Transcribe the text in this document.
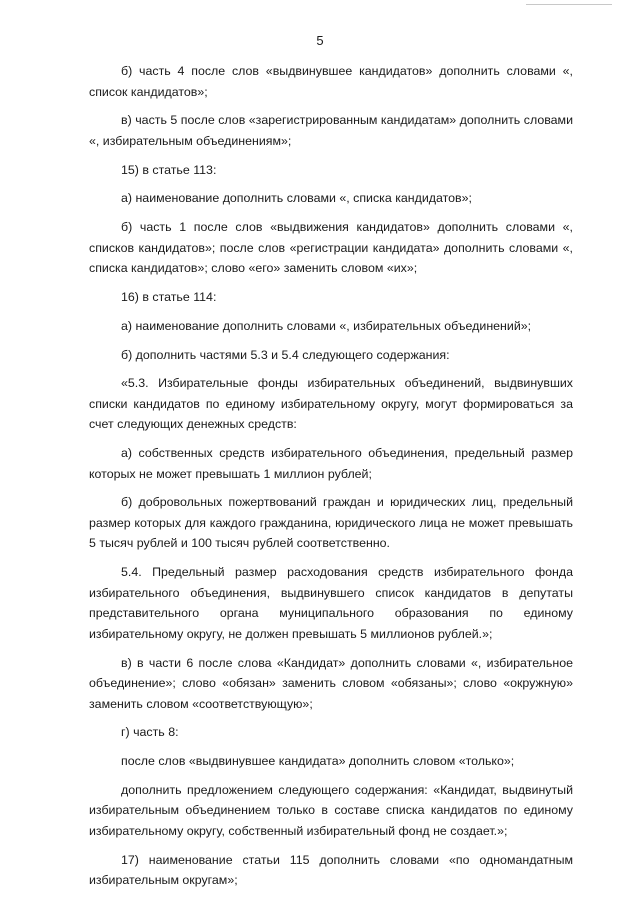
5

б) часть 4 после слов «выдвинувшее кандидатов» дополнить словами «, список кандидатов»;

в) часть 5 после слов «зарегистрированным кандидатам» дополнить словами «, избирательным объединениям»;

15) в статье 113:

а) наименование дополнить словами «, списка кандидатов»;

б) часть 1 после слов «выдвижения кандидатов» дополнить словами «, списков кандидатов»; после слов «регистрации кандидата» дополнить словами «, списка кандидатов»; слово «его» заменить словом «их»;

16) в статье 114:

а) наименование дополнить словами «, избирательных объединений»;

б) дополнить частями 5.3 и 5.4 следующего содержания:

«5.3. Избирательные фонды избирательных объединений, выдвинувших списки кандидатов по единому избирательному округу, могут формироваться за счет следующих денежных средств:

а) собственных средств избирательного объединения, предельный размер которых не может превышать 1 миллион рублей;

б) добровольных пожертвований граждан и юридических лиц, предельный размер которых для каждого гражданина, юридического лица не может превышать 5 тысяч рублей и 100 тысяч рублей соответственно.

5.4. Предельный размер расходования средств избирательного фонда избирательного объединения, выдвинувшего список кандидатов в депутаты представительного органа муниципального образования по единому избирательному округу, не должен превышать 5 миллионов рублей.»;

в) в части 6 после слова «Кандидат» дополнить словами «, избирательное объединение»; слово «обязан» заменить словом «обязаны»; слово «окружную» заменить словом «соответствующую»;

г) часть 8:

после слов «выдвинувшее кандидата» дополнить словом «только»;

дополнить предложением следующего содержания: «Кандидат, выдвинутый избирательным объединением только в составе списка кандидатов по единому избирательному округу, собственный избирательный фонд не создает.»;

17) наименование статьи 115 дополнить словами «по одномандатным избирательным округам»;
